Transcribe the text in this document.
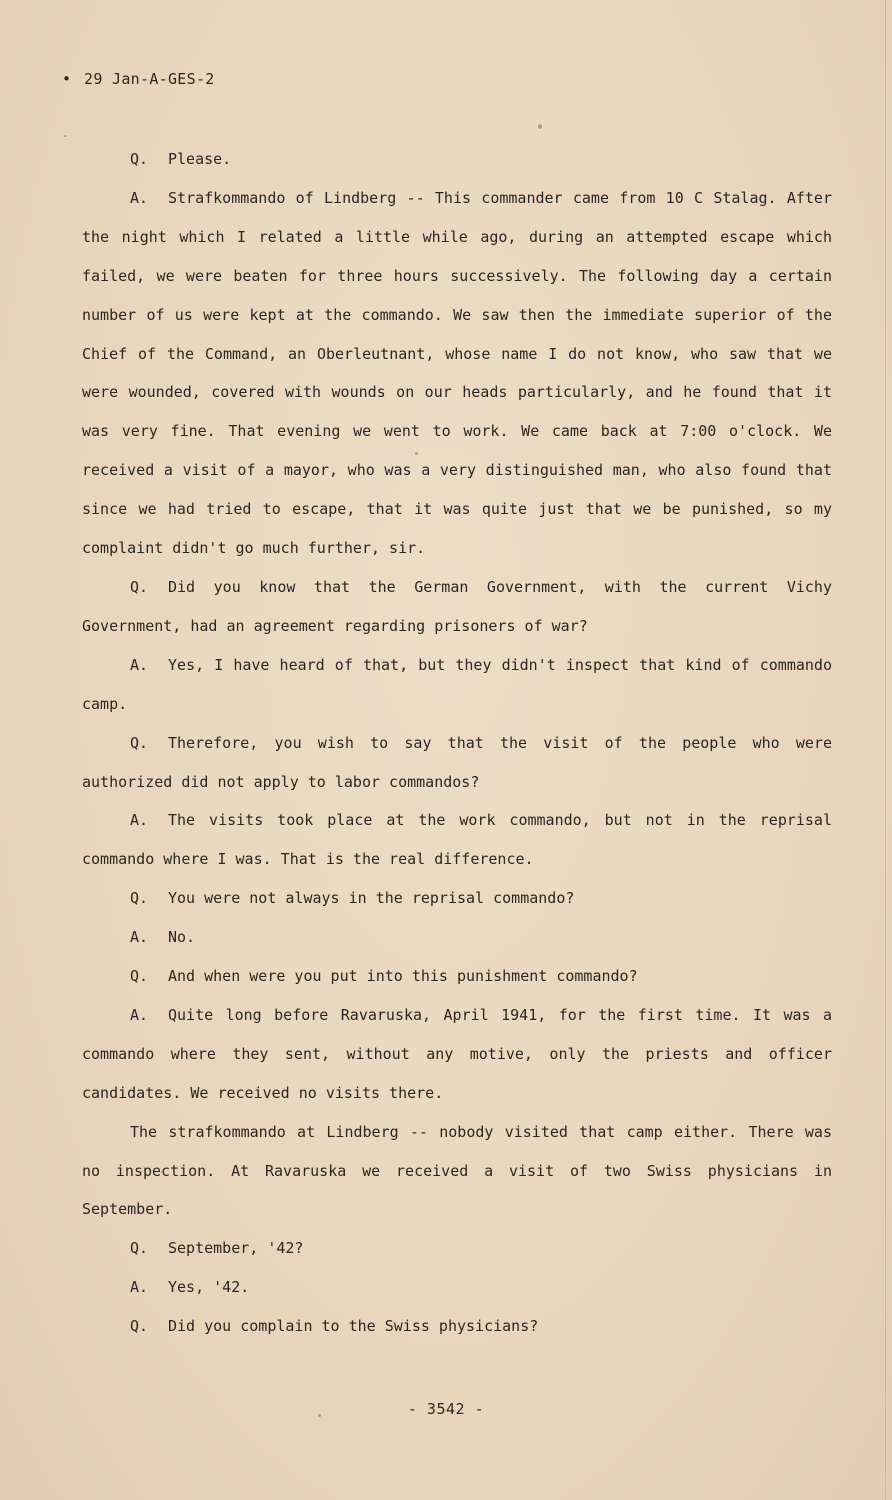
• 29 Jan-A-GES-2

Q. Please.

A. Strafkommando of Lindberg -- This commander came from 10 C Stalag. After the night which I related a little while ago, during an attempted escape which failed, we were beaten for three hours successively. The following day a certain number of us were kept at the commando. We saw then the immediate superior of the Chief of the Command, an Oberleutnant, whose name I do not know, who saw that we were wounded, covered with wounds on our heads particularly, and he found that it was very fine. That evening we went to work. We came back at 7:00 o'clock. We received a visit of a mayor, who was a very distinguished man, who also found that since we had tried to escape, that it was quite just that we be punished, so my complaint didn't go much further, sir.

Q. Did you know that the German Government, with the current Vichy Government, had an agreement regarding prisoners of war?

A. Yes, I have heard of that, but they didn't inspect that kind of commando camp.

Q. Therefore, you wish to say that the visit of the people who were authorized did not apply to labor commandos?

A. The visits took place at the work commando, but not in the reprisal commando where I was. That is the real difference.

Q. You were not always in the reprisal commando?

A. No.

Q. And when were you put into this punishment commando?

A. Quite long before Ravaruska, April 1941, for the first time. It was a commando where they sent, without any motive, only the priests and officer candidates. We received no visits there.

The strafkommando at Lindberg -- nobody visited that camp either. There was no inspection. At Ravaruska we received a visit of two Swiss physicians in September.

Q. September, '42?

A. Yes, '42.

Q. Did you complain to the Swiss physicians?

- 3542 -
